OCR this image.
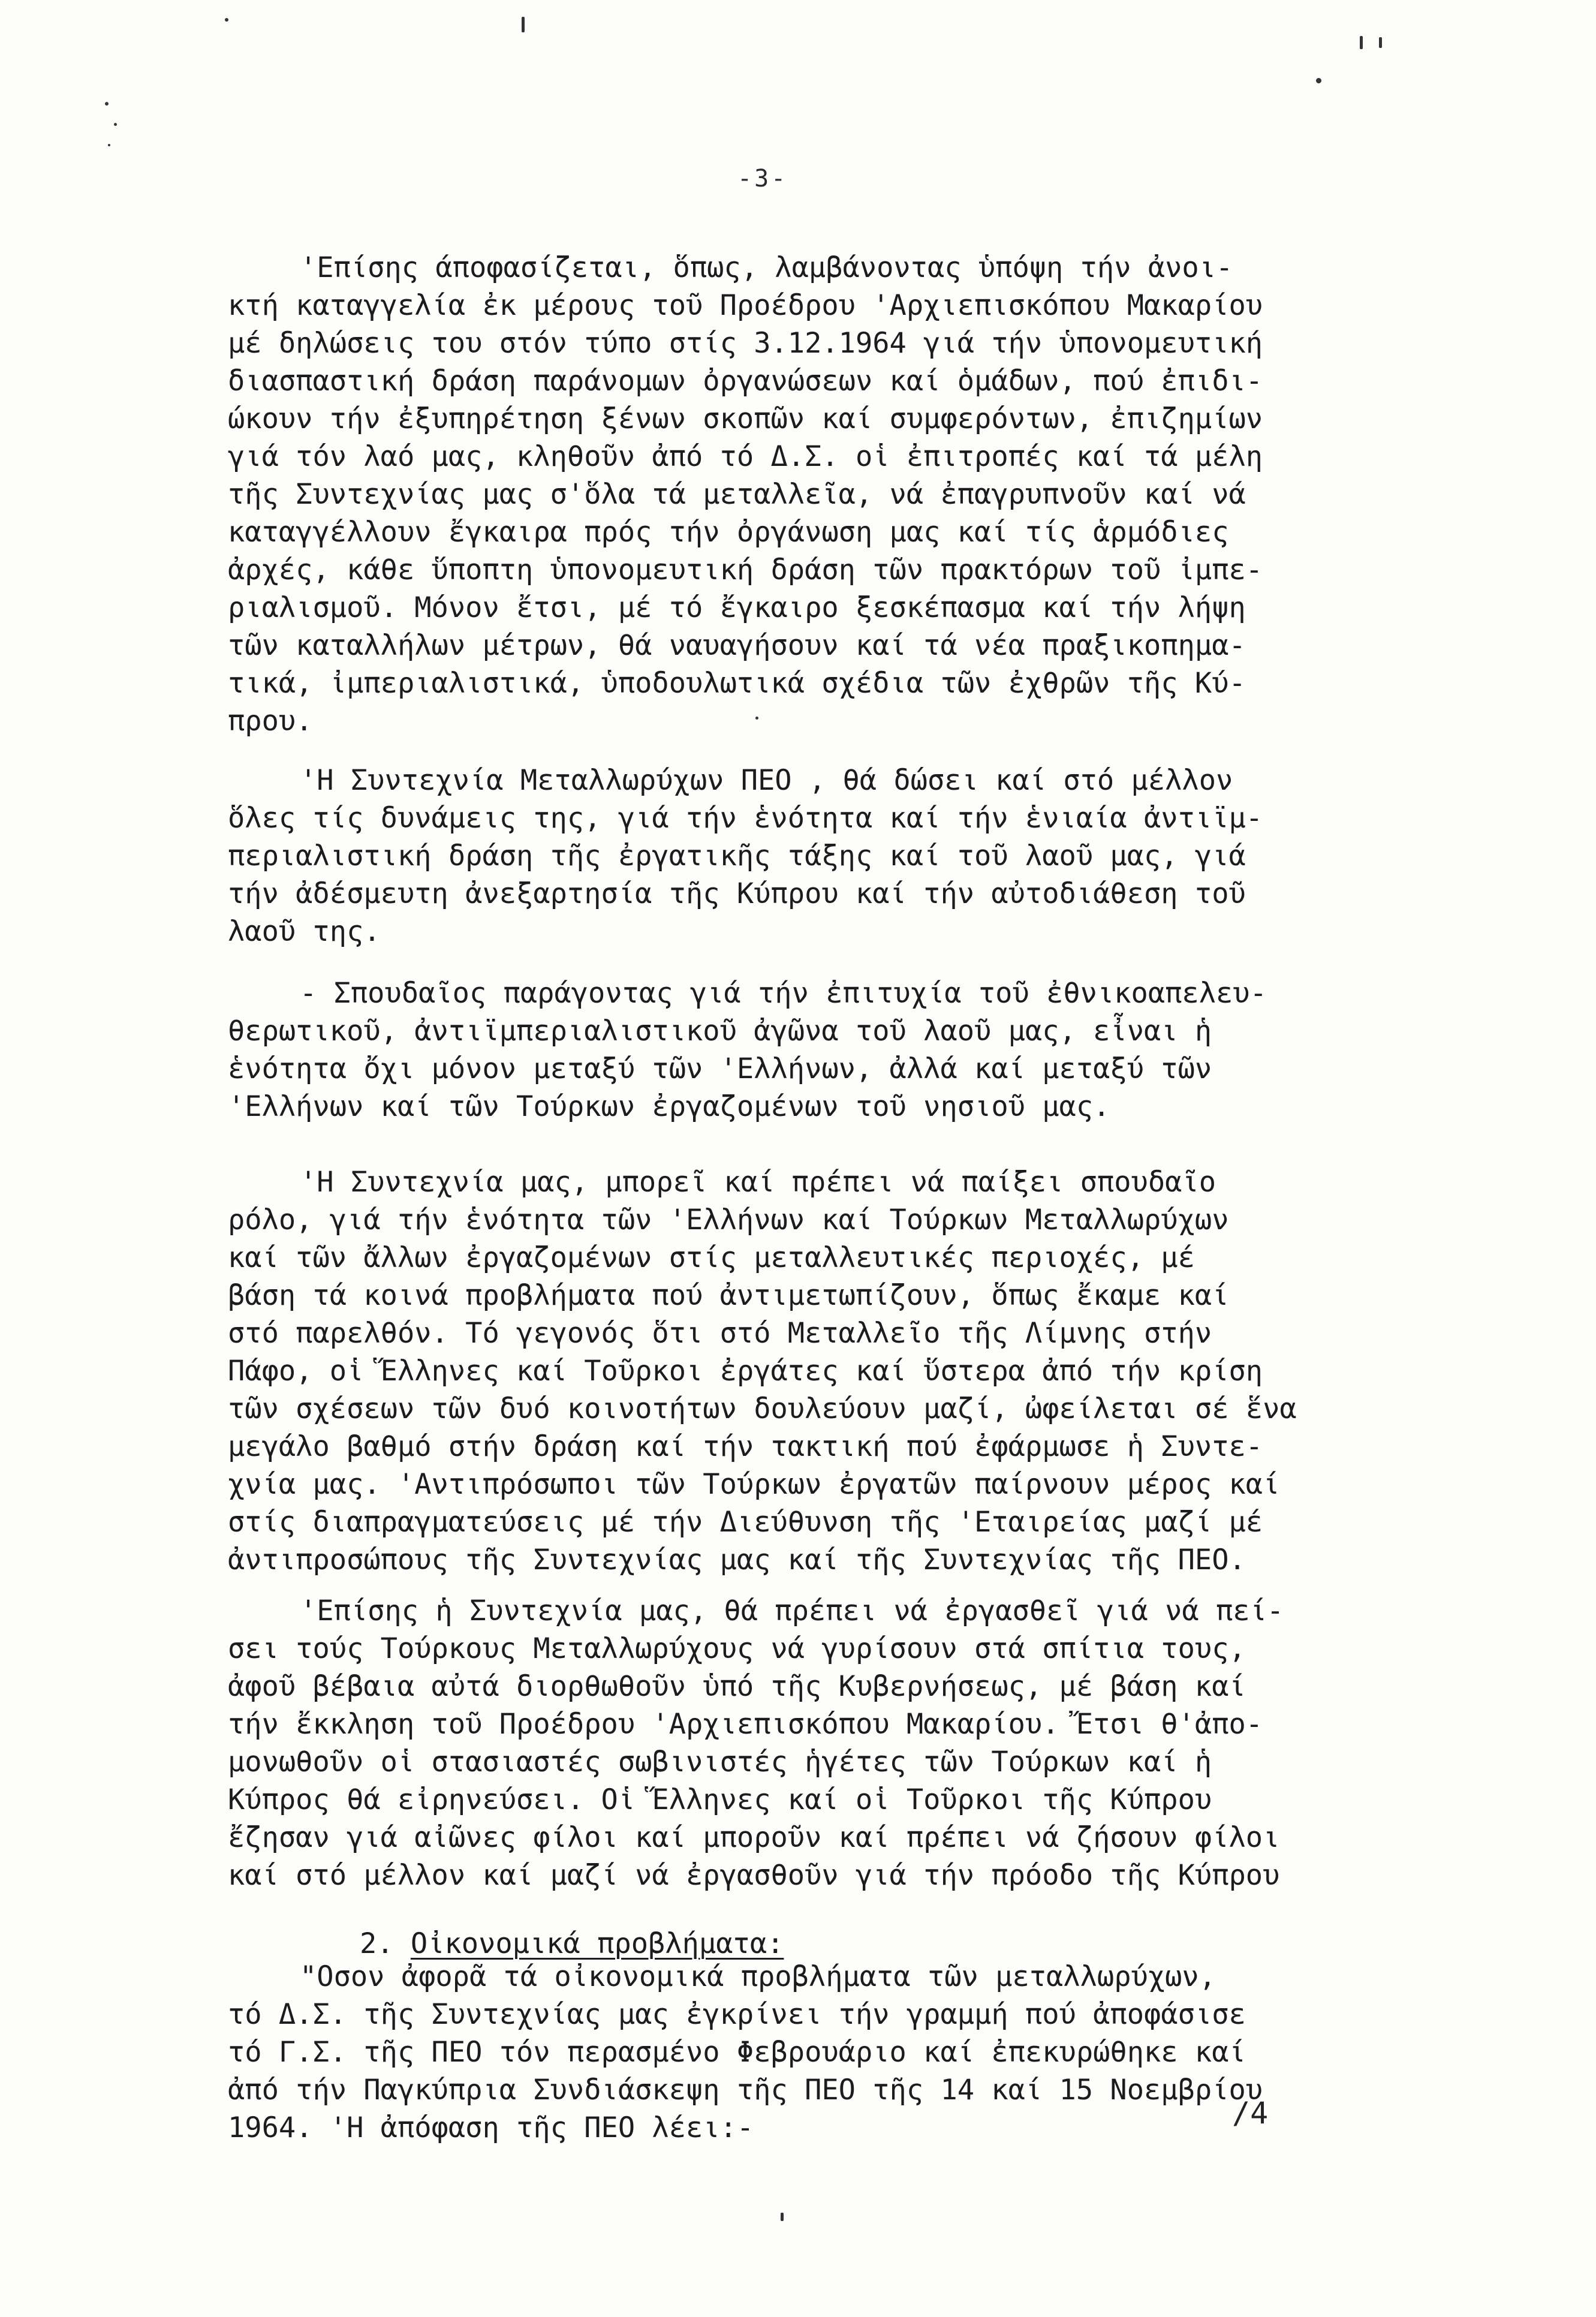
-3-
'Επίσης άποφασίζεται, ὅπως, λαμβάνοντας ὑπόψη τήν ἀνοι-
κτή καταγγελία ἐκ μέρους τοῦ Προέδρου 'Αρχιεπισκόπου Μακαρίου
μέ δηλώσεις του στόν τύπο στίς 3.12.1964 γιά τήν ὑπονομευτική
διασπαστική δράση παράνομων ὀργανώσεων καί ὁμάδων, πού ἐπιδι-
ώκουν τήν ἐξυπηρέτηση ξένων σκοπῶν καί συμφερόντων, ἐπιζημίων
γιά τόν λαό μας, κληθοῦν ἀπό τό Δ.Σ. οἱ ἐπιτροπές καί τά μέλη
τῆς Συντεχνίας μας σ'ὅλα τά μεταλλεῖα, νά ἐπαγρυπνοῦν καί νά
καταγγέλλουν ἔγκαιρα πρός τήν ὀργάνωση μας καί τίς ἁρμόδιες
ἀρχές, κάθε ὕποπτη ὑπονομευτική δράση τῶν πρακτόρων τοῦ ἰμπε-
ριαλισμοῦ. Μόνον ἔτσι, μέ τό ἔγκαιρο ξεσκέπασμα καί τήν λήψη
τῶν καταλλήλων μέτρων, θά ναυαγήσουν καί τά νέα πραξικοπημα-
τικά, ἰμπεριαλιστικά, ὑποδουλωτικά σχέδια τῶν ἐχθρῶν τῆς Κύ-
πρου.
'Η Συντεχνία Μεταλλωρύχων ΠΕΟ , θά δώσει καί στό μέλλον
ὅλες τίς δυνάμεις της, γιά τήν ἑνότητα καί τήν ἑνιαία ἀντιϊμ-
περιαλιστική δράση τῆς ἐργατικῆς τάξης καί τοῦ λαοῦ μας, γιά
τήν ἀδέσμευτη ἀνεξαρτησία τῆς Κύπρου καί τήν αὐτοδιάθεση τοῦ
λαοῦ της.
- Σπουδαῖος παράγοντας γιά τήν ἐπιτυχία τοῦ ἐθνικοαπελευ-
θερωτικοῦ, ἀντιϊμπεριαλιστικοῦ ἀγῶνα τοῦ λαοῦ μας, εἶναι ἡ
ἑνότητα ὄχι μόνον μεταξύ τῶν 'Ελλήνων, ἀλλά καί μεταξύ τῶν
'Ελλήνων καί τῶν Τούρκων ἐργαζομένων τοῦ νησιοῦ μας.
'Η Συντεχνία μας, μπορεῖ καί πρέπει νά παίξει σπουδαῖο
ρόλο, γιά τήν ἑνότητα τῶν 'Ελλήνων καί Τούρκων Μεταλλωρύχων
καί τῶν ἄλλων ἐργαζομένων στίς μεταλλευτικές περιοχές, μέ
βάση τά κοινά προβλήματα πού ἀντιμετωπίζουν, ὅπως ἔκαμε καί
στό παρελθόν. Τό γεγονός ὅτι στό Μεταλλεῖο τῆς Λίμνης στήν
Πάφο, οἱ Ἕλληνες καί Τοῦρκοι ἐργάτες καί ὕστερα ἀπό τήν κρίση
τῶν σχέσεων τῶν δυό κοινοτήτων δουλεύουν μαζί, ὠφείλεται σέ ἕνα
μεγάλο βαθμό στήν δράση καί τήν τακτική πού ἐφάρμωσε ἡ Συντε-
χνία μας. 'Αντιπρόσωποι τῶν Τούρκων ἐργατῶν παίρνουν μέρος καί
στίς διαπραγματεύσεις μέ τήν Διεύθυνση τῆς 'Εταιρείας μαζί μέ
ἀντιπροσώπους τῆς Συντεχνίας μας καί τῆς Συντεχνίας τῆς ΠΕΟ.
'Επίσης ἡ Συντεχνία μας, θά πρέπει νά ἐργασθεῖ γιά νά πεί-
σει τούς Τούρκους Μεταλλωρύχους νά γυρίσουν στά σπίτια τους,
ἀφοῦ βέβαια αὐτά διορθωθοῦν ὑπό τῆς Κυβερνήσεως, μέ βάση καί
τήν ἔκκληση τοῦ Προέδρου 'Αρχιεπισκόπου Μακαρίου. Ἔτσι θ'ἀπο-
μονωθοῦν οἱ στασιαστές σωβινιστές ἡγέτες τῶν Τούρκων καί ἡ
Κύπρος θά εἰρηνεύσει. Οἱ Ἕλληνες καί οἱ Τοῦρκοι τῆς Κύπρου
ἔζησαν γιά αἰῶνες φίλοι καί μποροῦν καί πρέπει νά ζήσουν φίλοι
καί στό μέλλον καί μαζί νά ἐργασθοῦν γιά τήν πρόοδο τῆς Κύπρου
2. Οἰκονομικά προβλήματα:
"Οσον ἀφορᾶ τά οἰκονομικά προβλήματα τῶν μεταλλωρύχων,
τό Δ.Σ. τῆς Συντεχνίας μας ἐγκρίνει τήν γραμμή πού ἀποφάσισε
τό Γ.Σ. τῆς ΠΕΟ τόν περασμένο Φεβρουάριο καί ἐπεκυρώθηκε καί
ἀπό τήν Παγκύπρια Συνδιάσκεψη τῆς ΠΕΟ τῆς 14 καί 15 Νοεμβρίου
1964. 'Η ἀπόφαση τῆς ΠΕΟ λέει:-	/4
